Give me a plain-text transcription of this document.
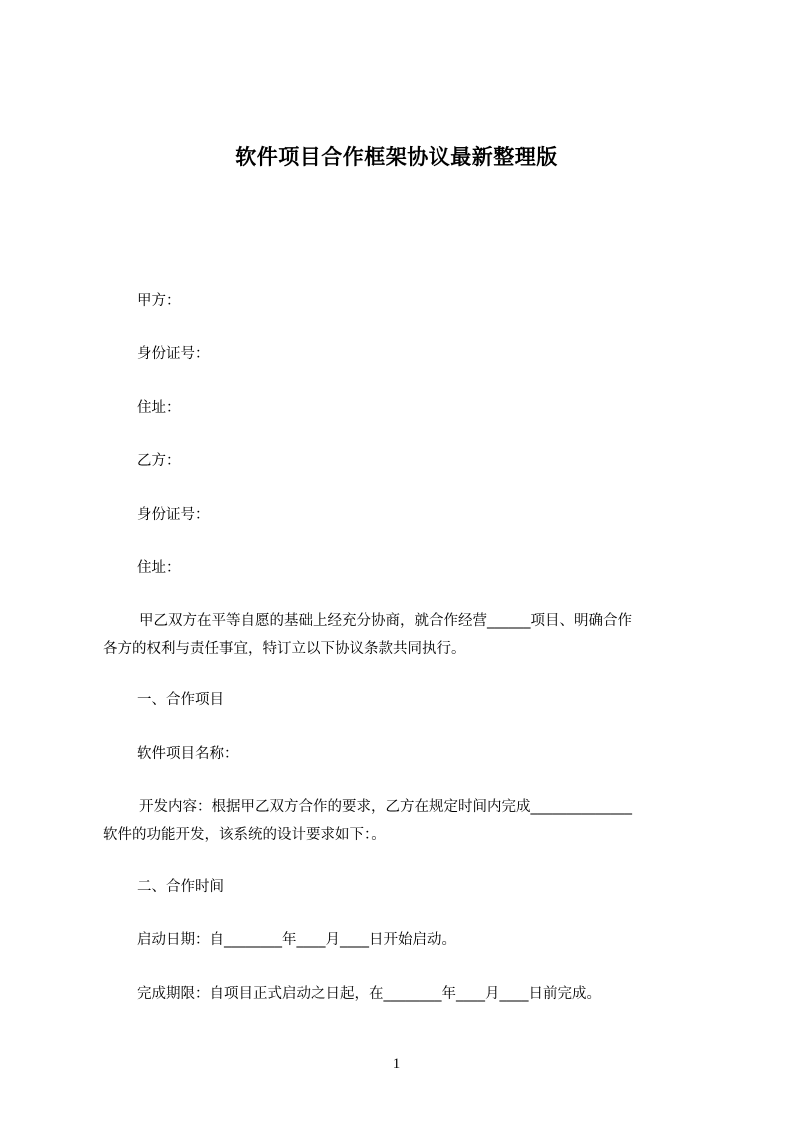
软件项目合作框架协议最新整理版
甲方：
身份证号：
住址：
乙方：
身份证号：
住址：
甲乙双方在平等自愿的基础上经充分协商，就合作经营______项目、明确合作
各方的权利与责任事宜，特订立以下协议条款共同执行。
一、合作项目
软件项目名称：
开发内容：根据甲乙双方合作的要求，乙方在规定时间内完成______________
软件的功能开发，该系统的设计要求如下：。
二、合作时间
启动日期：自________年____月____日开始启动。
完成期限：自项目正式启动之日起，在________年____月____日前完成。
1
